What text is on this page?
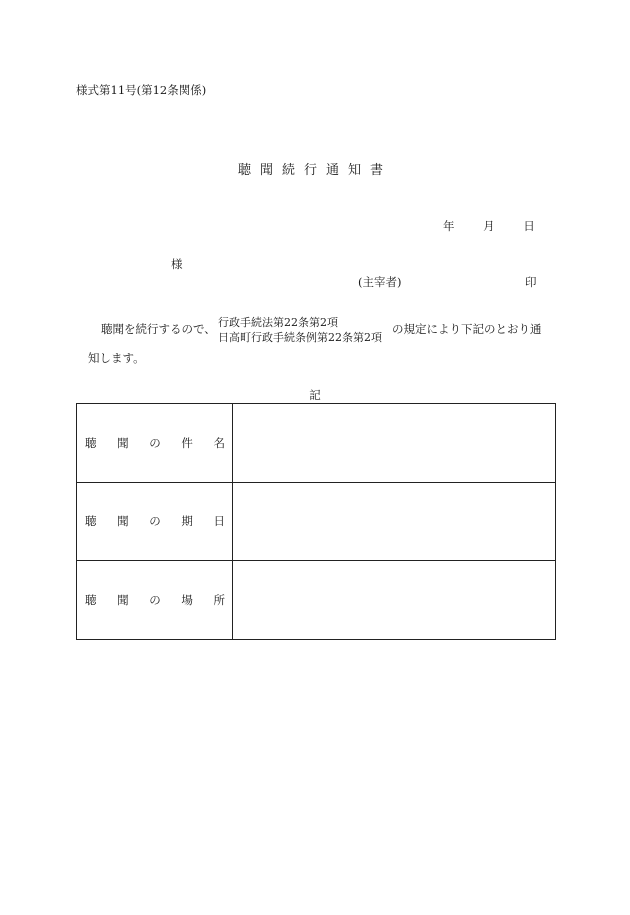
様式第11号(第12条関係)
聴聞続行通知書
年 月 日
様
(主宰者)	印
聴聞を続行するので、 行政手続法第22条第2項
日高町行政手続条例第22条第2項
の規定により下記のとおり通
知します。
記
聴 聞 の 件 名	

聴 聞 の 期 日	

聴 聞 の 場 所	
